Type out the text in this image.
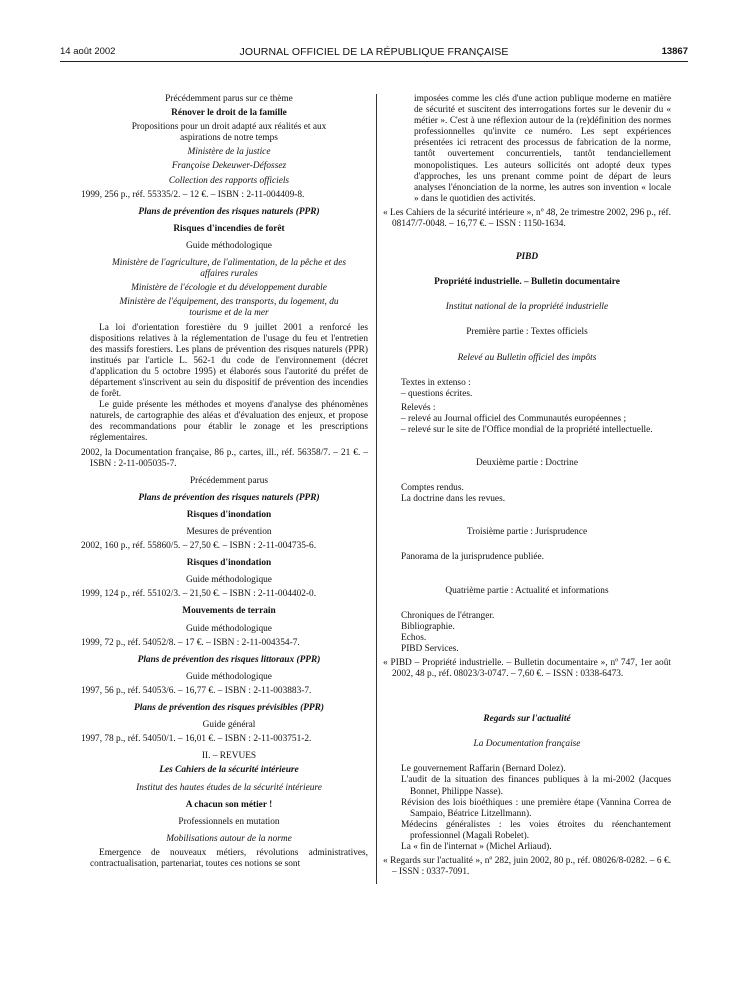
14 août 2002	JOURNAL OFFICIEL DE LA RÉPUBLIQUE FRANÇAISE	13867

Précédemment parus sur ce thème

Rénover le droit de la famille

Propositions pour un droit adapté aux réalités et aux aspirations de notre temps

Ministère de la justice

Françoise Dekeuwer-Défossez

Collection des rapports officiels

1999, 256 p., réf. 55335/2. – 12 €. – ISBN : 2-11-004409-8.

Plans de prévention des risques naturels (PPR)

Risques d'incendies de forêt

Guide méthodologique

Ministère de l'agriculture, de l'alimentation, de la pêche et des affaires rurales

Ministère de l'écologie et du développement durable

Ministère de l'équipement, des transports, du logement, du tourisme et de la mer

La loi d'orientation forestière du 9 juillet 2001 a renforcé les dispositions relatives à la réglementation de l'usage du feu et l'entretien des massifs forestiers. Les plans de prévention des risques naturels (PPR) institués par l'article L. 562-1 du code de l'environnement (décret d'application du 5 octobre 1995) et élaborés sous l'autorité du préfet de département s'inscrivent au sein du dispositif de prévention des incendies de forêt.

Le guide présente les méthodes et moyens d'analyse des phénomènes naturels, de cartographie des aléas et d'évaluation des enjeux, et propose des recommandations pour établir le zonage et les prescriptions réglementaires.

2002, la Documentation française, 86 p., cartes, ill., réf. 56358/7. – 21 €. – ISBN : 2-11-005035-7.

Précédemment parus

Plans de prévention des risques naturels (PPR)

Risques d'inondation

Mesures de prévention

2002, 160 p., réf. 55860/5. – 27,50 €. – ISBN : 2-11-004735-6.

Risques d'inondation

Guide méthodologique

1999, 124 p., réf. 55102/3. – 21,50 €. – ISBN : 2-11-004402-0.

Mouvements de terrain

Guide méthodologique

1999, 72 p., réf. 54052/8. – 17 €. – ISBN : 2-11-004354-7.

Plans de prévention des risques littoraux (PPR)

Guide méthodologique

1997, 56 p., réf. 54053/6. – 16,77 €. – ISBN : 2-11-003883-7.

Plans de prévention des risques prévisibles (PPR)

Guide général

1997, 78 p., réf. 54050/1. – 16,01 €. – ISBN : 2-11-003751-2.

II. – REVUES

Les Cahiers de la sécurité intérieure

Institut des hautes études de la sécurité intérieure

A chacun son métier !

Professionnels en mutation

Mobilisations autour de la norme

Emergence de nouveaux métiers, révolutions administratives, contractualisation, partenariat, toutes ces notions se sont

imposées comme les clés d'une action publique moderne en matière de sécurité et suscitent des interrogations fortes sur le devenir du « métier ». C'est à une réflexion autour de la (re)définition des normes professionnelles qu'invite ce numéro. Les sept expériences présentées ici retracent des processus de fabrication de la norme, tantôt ouvertement concurrentiels, tantôt tendanciellement monopolistiques. Les auteurs sollicités ont adopté deux types d'approches, les uns prenant comme point de départ de leurs analyses l'énonciation de la norme, les autres son invention « locale » dans le quotidien des activités.

« Les Cahiers de la sécurité intérieure », nº 48, 2e trimestre 2002, 296 p., réf. 08147/7-0048. – 16,77 €. – ISSN : 1150-1634.

PIBD

Propriété industrielle. – Bulletin documentaire

Institut national de la propriété industrielle

Première partie : Textes officiels

Relevé au Bulletin officiel des impôts

Textes in extenso :

– questions écrites.

Relevés :

– relevé au Journal officiel des Communautés européennes ;

– relevé sur le site de l'Office mondial de la propriété intellectuelle.

Deuxième partie : Doctrine

Comptes rendus.

La doctrine dans les revues.

Troisième partie : Jurisprudence

Panorama de la jurisprudence publiée.

Quatrième partie : Actualité et informations

Chroniques de l'étranger.

Bibliographie.

Echos.

PIBD Services.

« PIBD – Propriété industrielle. – Bulletin documentaire », nº 747, 1er août 2002, 48 p., réf. 08023/3-0747. – 7,60 €. – ISSN : 0338-6473.

Regards sur l'actualité

La Documentation française

Le gouvernement Raffarin (Bernard Dolez).

L'audit de la situation des finances publiques à la mi-2002 (Jacques Bonnet, Philippe Nasse).

Révision des lois bioéthiques : une première étape (Vannina Correa de Sampaio, Béatrice Litzellmann).

Médecins généralistes : les voies étroites du réenchantement professionnel (Magali Robelet).

La « fin de l'internat » (Michel Arliaud).

« Regards sur l'actualité », nº 282, juin 2002, 80 p., réf. 08026/8-0282. – 6 €. – ISSN : 0337-7091.
